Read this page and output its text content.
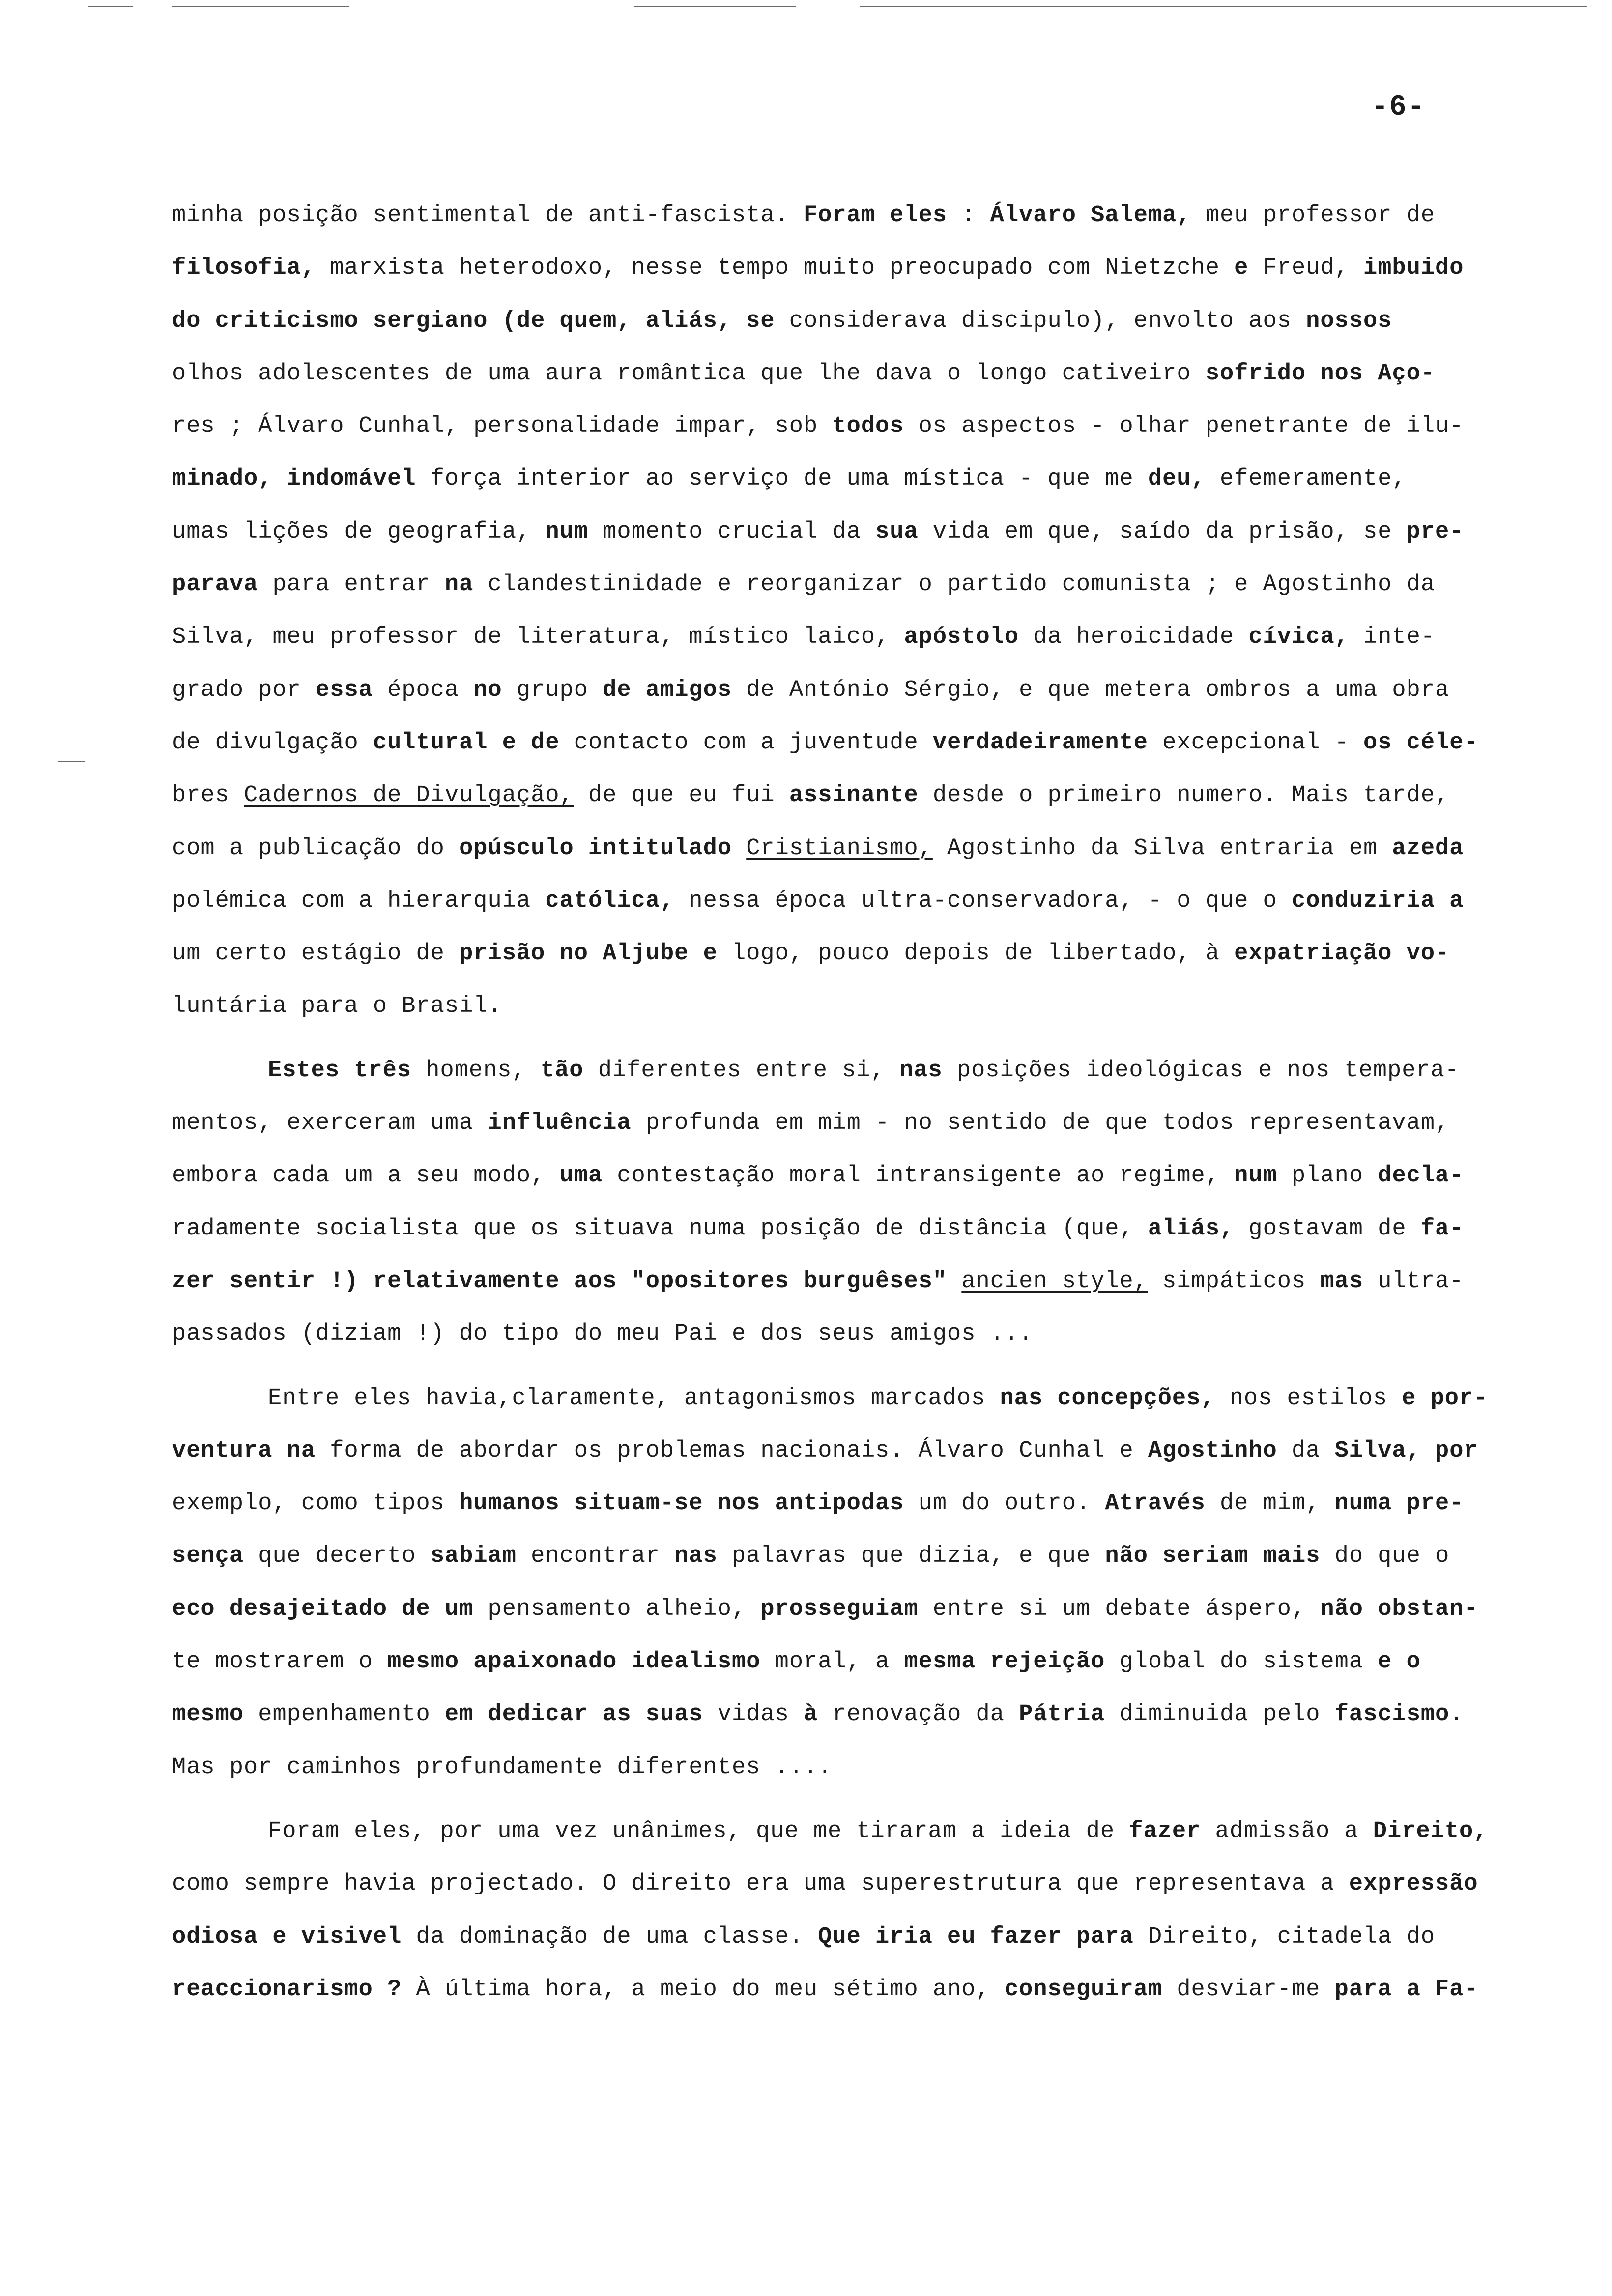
-6-
minha posição sentimental de anti-fascista. Foram eles : Álvaro Salema, meu professor de
filosofia, marxista heterodoxo, nesse tempo muito preocupado com Nietzche e Freud, imbuido
do criticismo sergiano (de quem, aliás, se considerava discipulo), envolto aos nossos
olhos adolescentes de uma aura romântica que lhe dava o longo cativeiro sofrido nos Aço-
res ; Álvaro Cunhal, personalidade impar, sob todos os aspectos - olhar penetrante de ilu-
minado, indomável força interior ao serviço de uma mística - que me deu, efemeramente,
umas lições de geografia, num momento crucial da sua vida em que, saído da prisão, se pre-
parava para entrar na clandestinidade e reorganizar o partido comunista ; e Agostinho da
Silva, meu professor de literatura, místico laico, apóstolo da heroicidade cívica, inte-
grado por essa época no grupo de amigos de António Sérgio, e que metera ombros a uma obra
de divulgação cultural e de contacto com a juventude verdadeiramente excepcional - os céle-
bres Cadernos de Divulgação, de que eu fui assinante desde o primeiro numero. Mais tarde,
com a publicação do opúsculo intitulado Cristianismo, Agostinho da Silva entraria em azeda
polémica com a hierarquia católica, nessa época ultra-conservadora, - o que o conduziria a
um certo estágio de prisão no Aljube e logo, pouco depois de libertado, à expatriação vo-
luntária para o Brasil.
Estes três homens, tão diferentes entre si, nas posições ideológicas e nos tempera-
mentos, exerceram uma influência profunda em mim - no sentido de que todos representavam,
embora cada um a seu modo, uma contestação moral intransigente ao regime, num plano decla-
radamente socialista que os situava numa posição de distância (que, aliás, gostavam de fa-
zer sentir !) relativamente aos "opositores burguêses" ancien style, simpáticos mas ultra-
passados (diziam !) do tipo do meu Pai e dos seus amigos ...
Entre eles havia,claramente, antagonismos marcados nas concepções, nos estilos e por-
ventura na forma de abordar os problemas nacionais. Álvaro Cunhal e Agostinho da Silva, por
exemplo, como tipos humanos situam-se nos antipodas um do outro. Através de mim, numa pre-
sença que decerto sabiam encontrar nas palavras que dizia, e que não seriam mais do que o
eco desajeitado de um pensamento alheio, prosseguiam entre si um debate áspero, não obstan-
te mostrarem o mesmo apaixonado idealismo moral, a mesma rejeição global do sistema e o
mesmo empenhamento em dedicar as suas vidas à renovação da Pátria diminuida pelo fascismo.
Mas por caminhos profundamente diferentes ....
Foram eles, por uma vez unânimes, que me tiraram a ideia de fazer admissão a Direito,
como sempre havia projectado. O direito era uma superestrutura que representava a expressão
odiosa e visivel da dominação de uma classe. Que iria eu fazer para Direito, citadela do
reaccionarismo ? À última hora, a meio do meu sétimo ano, conseguiram desviar-me para a Fa-
